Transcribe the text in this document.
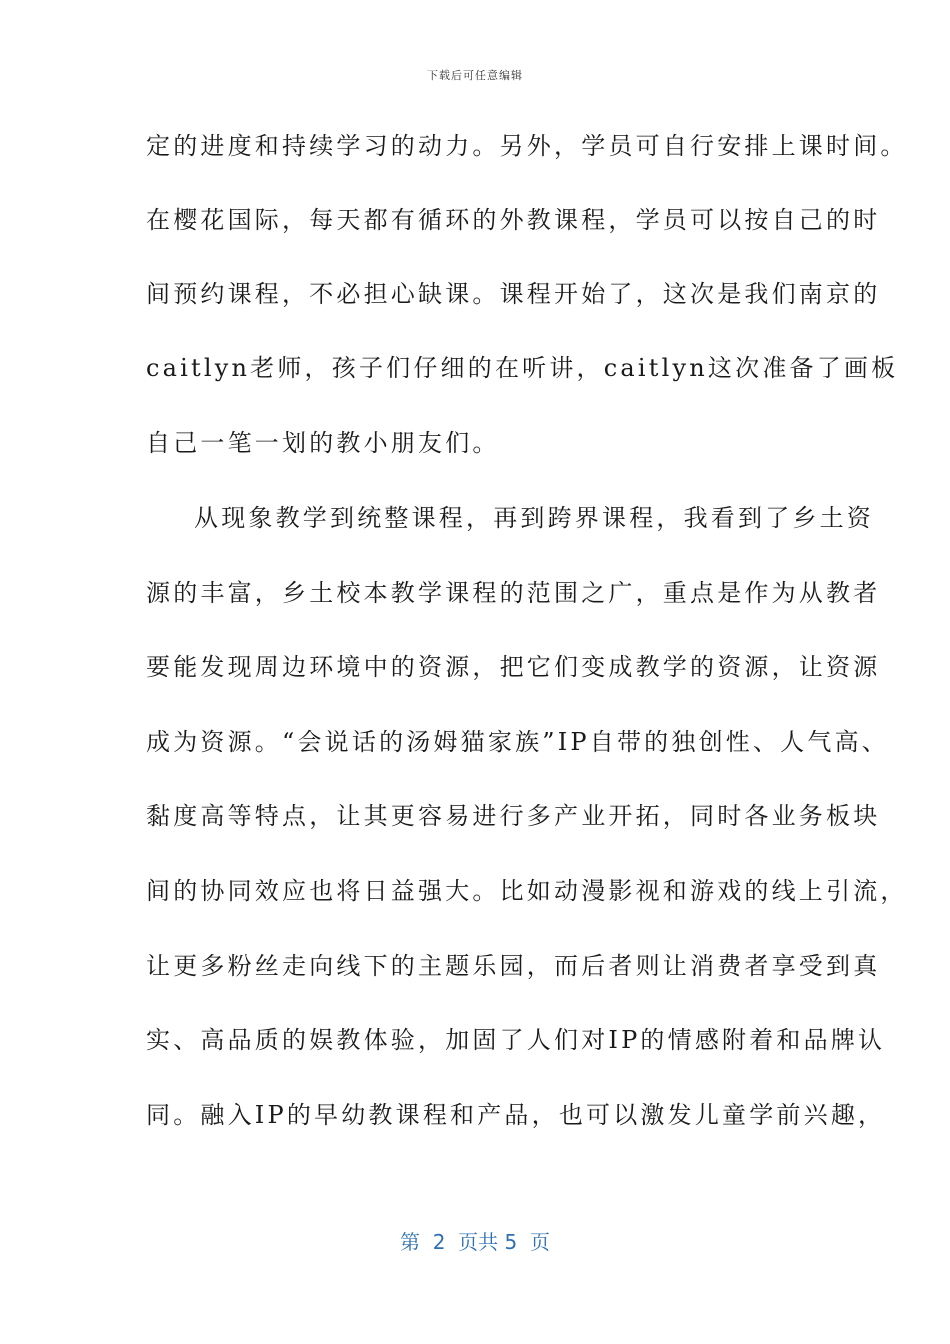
下载后可任意编辑
定的进度和持续学习的动力。另外，学员可自行安排上课时间。
在樱花国际，每天都有循环的外教课程，学员可以按自己的时
间预约课程，不必担心缺课。课程开始了，这次是我们南京的
caitlyn老师，孩子们仔细的在听讲，caitlyn这次准备了画板
自己一笔一划的教小朋友们。
从现象教学到统整课程，再到跨界课程，我看到了乡土资
源的丰富，乡土校本教学课程的范围之广，重点是作为从教者
要能发现周边环境中的资源，把它们变成教学的资源，让资源
成为资源。“会说话的汤姆猫家族”IP自带的独创性、人气高、
黏度高等特点，让其更容易进行多产业开拓，同时各业务板块
间的协同效应也将日益强大。比如动漫影视和游戏的线上引流，
让更多粉丝走向线下的主题乐园，而后者则让消费者享受到真
实、高品质的娱教体验，加固了人们对IP的情感附着和品牌认
同。融入IP的早幼教课程和产品，也可以激发儿童学前兴趣，
第  2  页共 5  页
